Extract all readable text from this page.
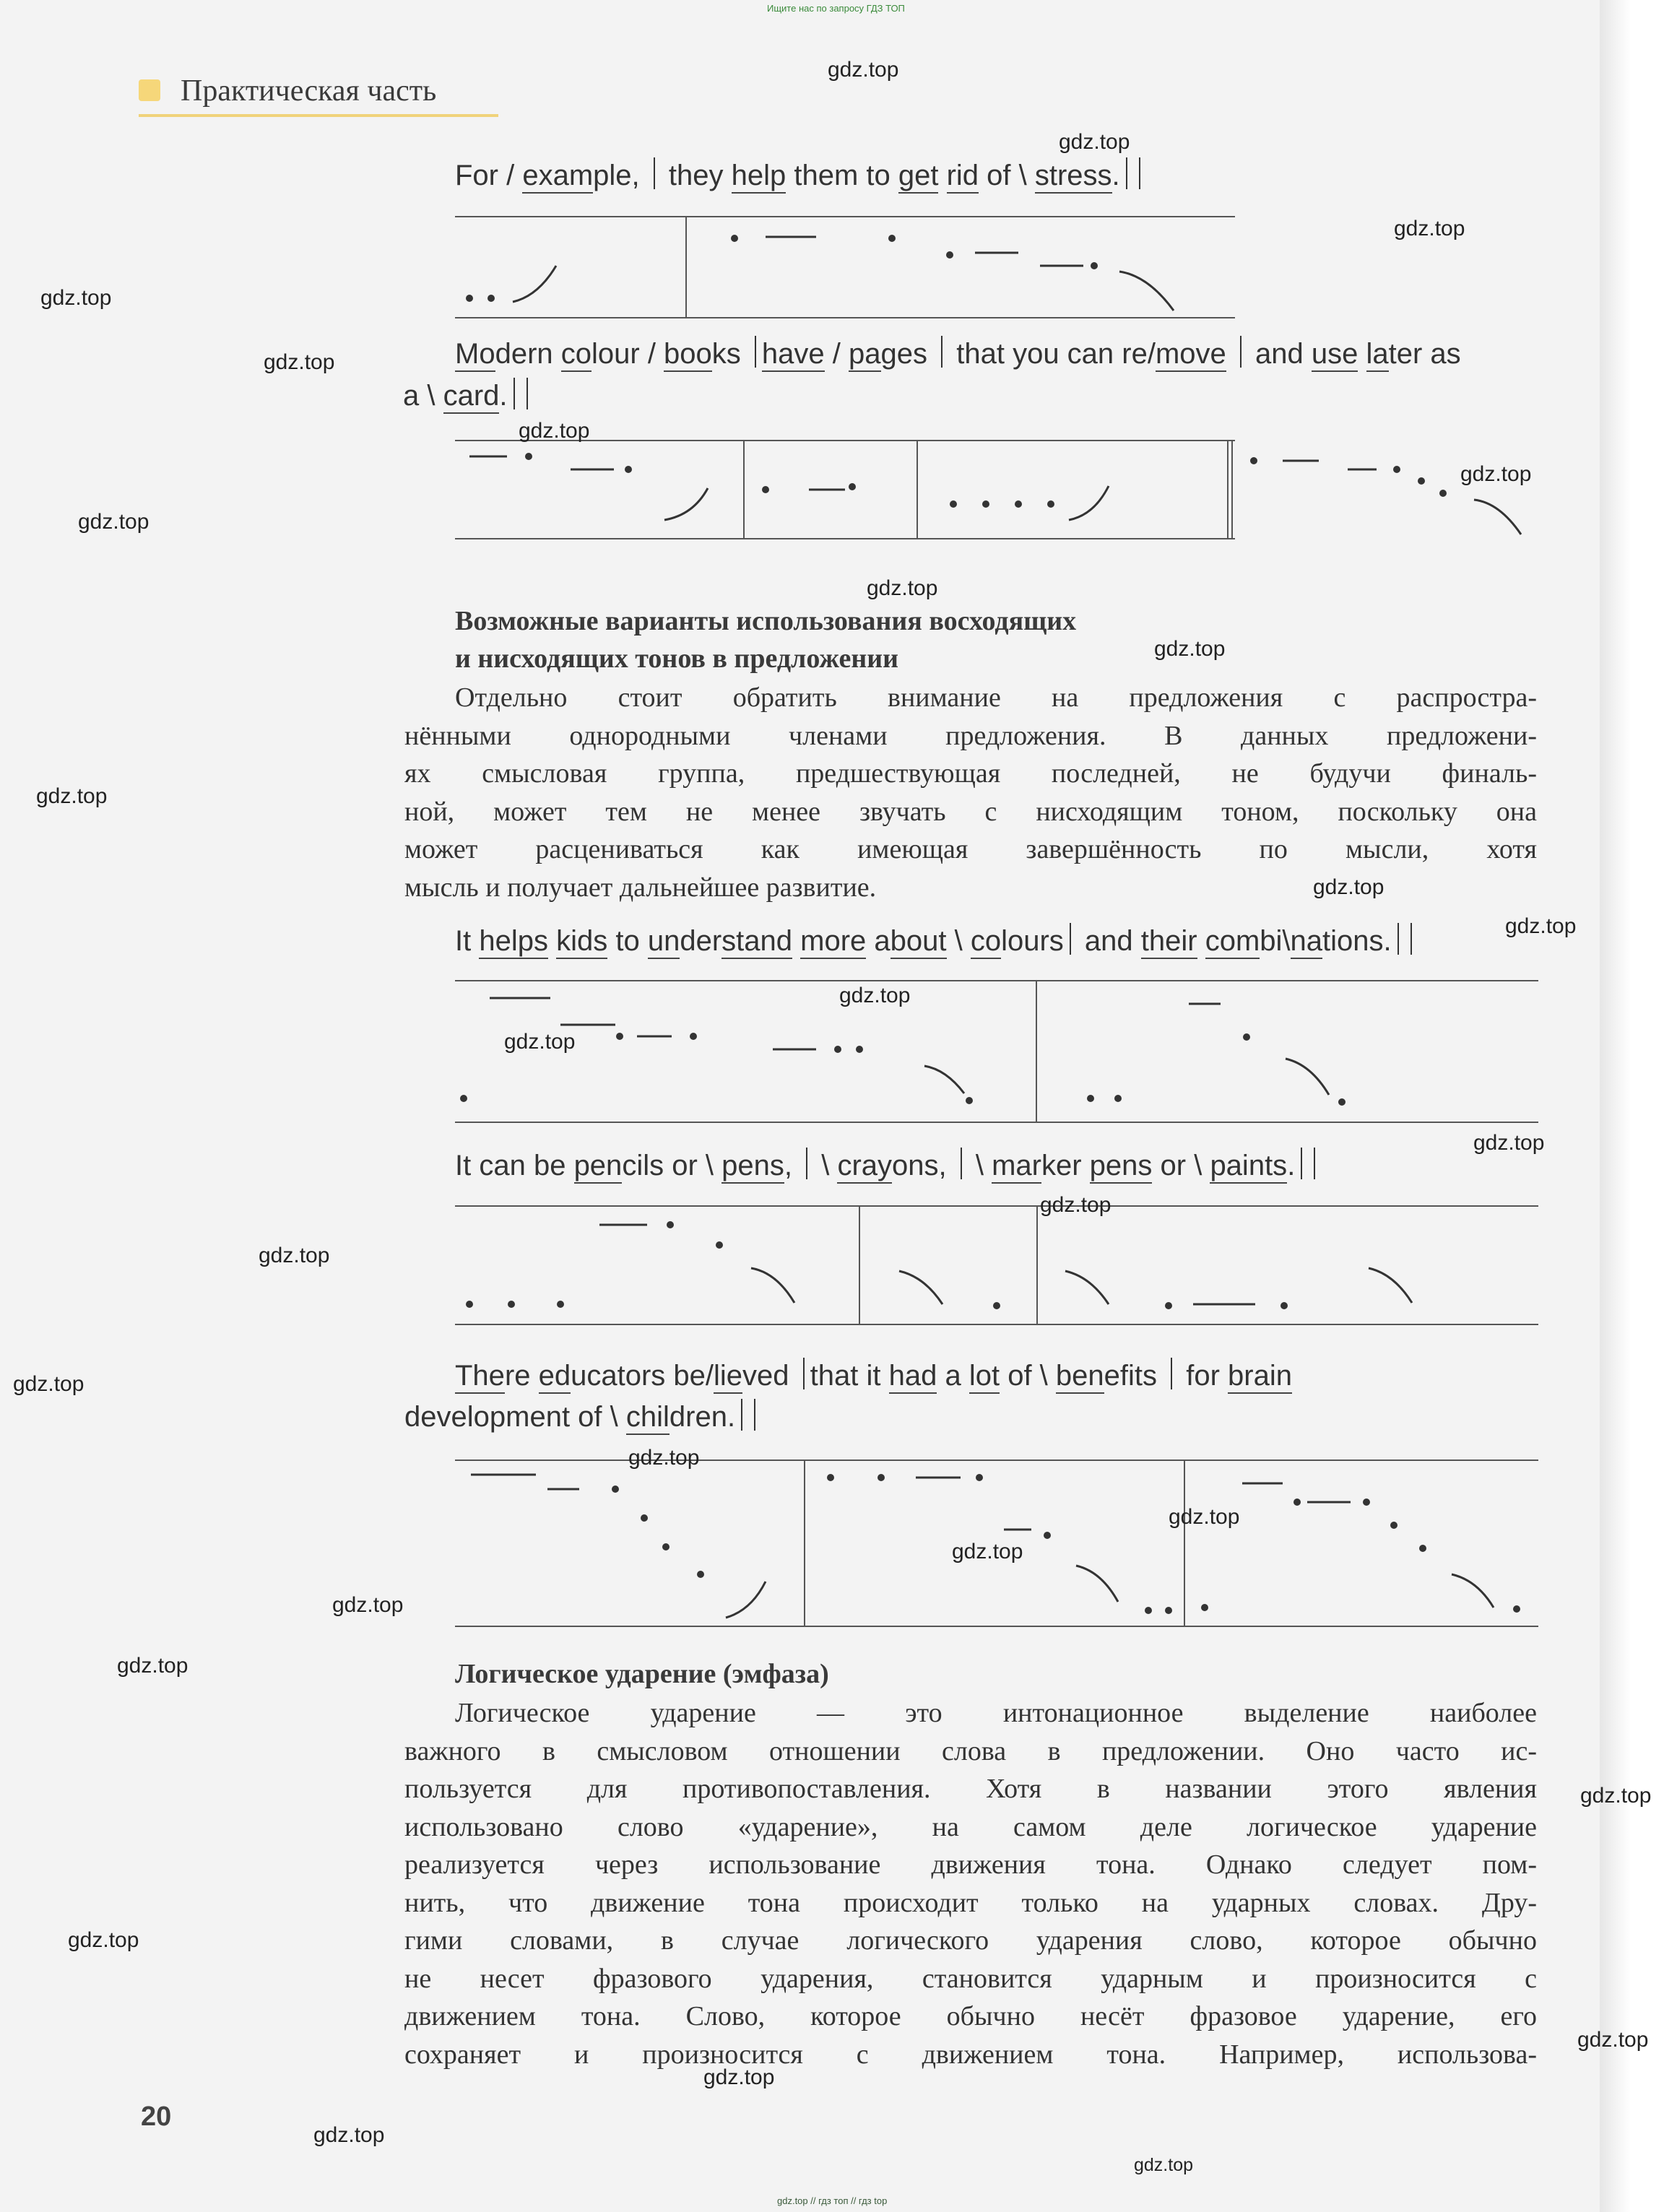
Ищите нас по запросу ГДЗ ТОП
Практическая часть
For / example,  they help them to get rid of \ stress.
Modern colour / books have / pages  that you can re/move  and use later as
a \ card.
Возможные варианты использования восходящих
и нисходящих тонов в предложении
Отдельно стоит обратить внимание на предложения с распростра-
нёнными однородными членами предложения. В данных предложени-
ях смысловая группа, предшествующая последней, не будучи финаль-
ной, может тем не менее звучать с нисходящим тоном, поскольку она
может расцениваться как имеющая завершённость по мысли, хотя
мысль и получает дальнейшее развитие.
It helps kids to understand more about \ colours and their combi\nations.
It can be pencils or \ pens,  \ crayons,  \ marker pens or \ paints.
There educators be/lieved that it had a lot of \ benefits  for brain
development of \ children.
Логическое ударение (эмфаза)
Логическое ударение — это интонационное выделение наиболее
важного в смысловом отношении слова в предложении. Оно часто ис-
пользуется для противопоставления. Хотя в названии этого явления
использовано слово «ударение», на самом деле логическое ударение
реализуется через использование движения тона. Однако следует пом-
нить, что движение тона происходит только на ударных словах. Дру-
гими словами, в случае логического ударения слово, которое обычно
не несет фразового ударения, становится ударным и произносится с
движением тона. Слово, которое обычно несёт фразовое ударение, его
сохраняет и произносится с движением тона. Например, использова-
20
gdz.top
gdz.top
gdz.top
gdz.top
gdz.top
gdz.top
gdz.top
gdz.top
gdz.top
gdz.top
gdz.top
gdz.top
gdz.top
gdz.top
gdz.top
gdz.top
gdz.top
gdz.top
gdz.top
gdz.top
gdz.top
gdz.top
gdz.top
gdz.top
gdz.top
gdz.top
gdz.top
gdz.top
gdz.top
gdz.top
gdz.top // гдз топ // гдз top
